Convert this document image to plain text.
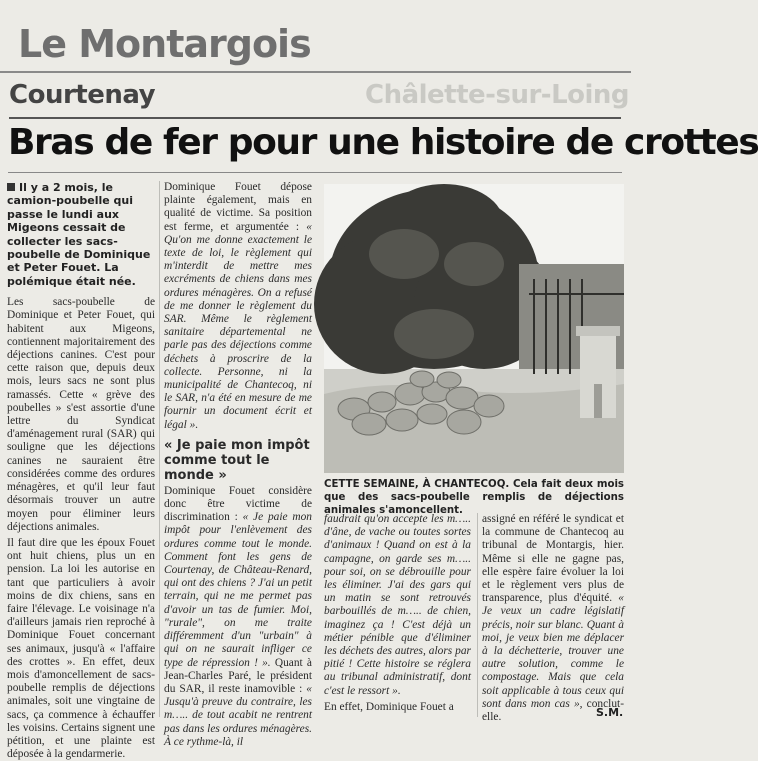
Le Montargois
Courtenay	Châlette-sur-Loing
Bras de fer pour une histoire de crottes

Il y a 2 mois, le camion-poubelle qui passe le lundi aux Migeons cessait de collecter les sacs-poubelle de Dominique et Peter Fouet. La polémique était née.

Les sacs-poubelle de Dominique et Peter Fouet, qui habitent aux Migeons, contiennent majoritairement des déjections canines. C'est pour cette raison que, depuis deux mois, leurs sacs ne sont plus ramassés. Cette « grève des poubelles » s'est assortie d'une lettre du Syndicat d'aménagement rural (SAR) qui souligne que les déjections canines ne sauraient être considérées comme des ordures ménagères, et qu'il leur faut désormais trouver un autre moyen pour éliminer leurs déjections animales.

Il faut dire que les époux Fouet ont huit chiens, plus un en pension. La loi les autorise en tant que particuliers à avoir moins de dix chiens, sans en faire l'élevage. Le voisinage n'a d'ailleurs jamais rien reproché à Dominique Fouet concernant ses animaux, jusqu'à « l'affaire des crottes ». En effet, deux mois d'amoncellement de sacs-poubelle remplis de déjections animales, soit une vingtaine de sacs, ça commence à échauffer les voisins. Certains signent une pétition, et une plainte est déposée à la gendarmerie.

Dominique Fouet dépose plainte également, mais en qualité de victime. Sa position est ferme, et argumentée : « Qu'on me donne exactement le texte de loi, le règlement qui m'interdit de mettre mes excréments de chiens dans mes ordures ménagères. On a refusé de me donner le règlement du SAR. Même le règlement sanitaire départemental ne parle pas des déjections comme déchets à proscrire de la collecte. Personne, ni la municipalité de Chantecoq, ni le SAR, n'a été en mesure de me fournir un document écrit et légal ».

« Je paie mon impôt comme tout le monde »

Dominique Fouet considère donc être victime de discrimination : « Je paie mon impôt pour l'enlèvement des ordures comme tout le monde. Comment font les gens de Courtenay, de Château-Renard, qui ont des chiens ? J'ai un petit terrain, qui ne me permet pas d'avoir un tas de fumier. Moi, "rurale", on me traite différemment d'un "urbain" à qui on ne saurait infliger ce type de répression ! ». Quant à Jean-Charles Paré, le président du SAR, il reste inamovible : « Jusqu'à preuve du contraire, les m….. de tout acabit ne rentrent pas dans les ordures ménagères. À ce rythme-là, il

CETTE SEMAINE, À CHANTECOQ. Cela fait deux mois que des sacs-poubelle remplis de déjections animales s'amoncellent.

faudrait qu'on accepte les m….. d'âne, de vache ou toutes sortes d'animaux ! Quand on est à la campagne, on garde ses m….. pour soi, on se débrouille pour les éliminer. J'ai des gars qui un matin se sont retrouvés barbouillés de m….. de chien, imaginez ça ! C'est déjà un métier pénible que d'éliminer les déchets des autres, alors par pitié ! Cette histoire se réglera au tribunal administratif, dont c'est le ressort ».

En effet, Dominique Fouet a

assigné en référé le syndicat et la commune de Chantecoq au tribunal de Montargis, hier. Même si elle ne gagne pas, elle espère faire évoluer la loi et le règlement vers plus de transparence, plus d'équité. « Je veux un cadre législatif précis, noir sur blanc. Quant à moi, je veux bien me déplacer à la déchetterie, trouver une autre solution, comme le compostage. Mais que cela soit applicable à tous ceux qui sont dans mon cas », conclut-elle.	S.M.
